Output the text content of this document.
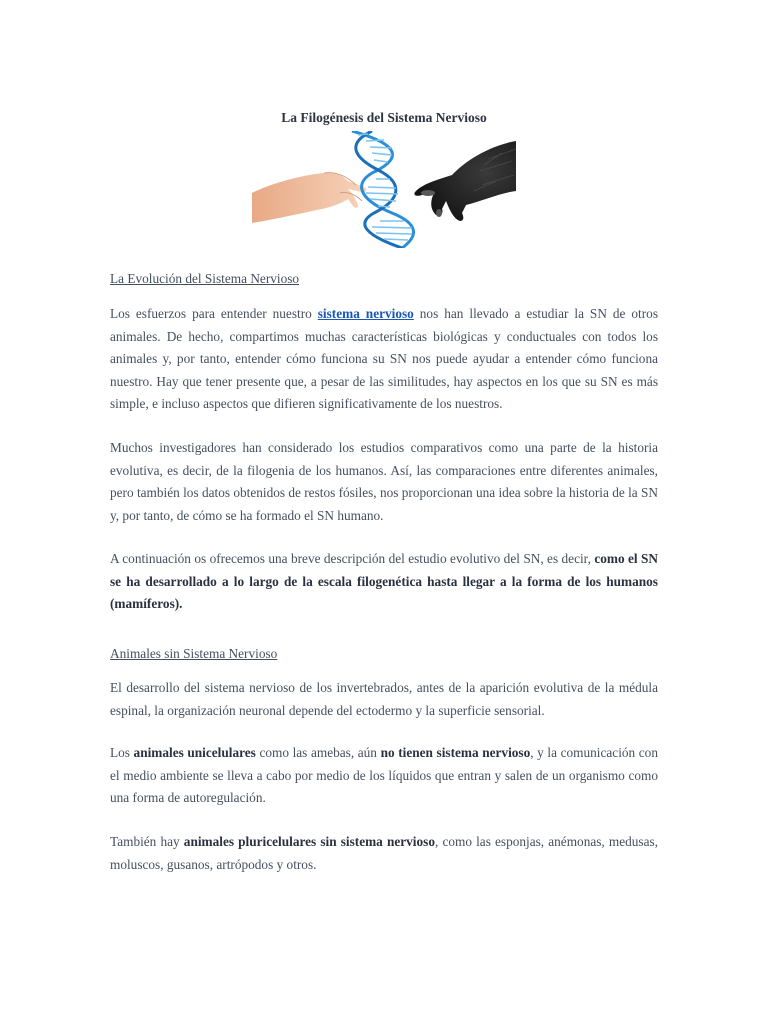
La Filogénesis del Sistema Nervioso
La Evolución del Sistema Nervioso
Los esfuerzos para entender nuestro sistema nervioso nos han llevado a estudiar la SN de otros animales. De hecho, compartimos muchas características biológicas y conductuales con todos los animales y, por tanto, entender cómo funciona su SN nos puede ayudar a entender cómo funciona nuestro. Hay que tener presente que, a pesar de las similitudes, hay aspectos en los que su SN es más simple, e incluso aspectos que difieren significativamente de los nuestros.
Muchos investigadores han considerado los estudios comparativos como una parte de la historia evolutiva, es decir, de la filogenia de los humanos. Así, las comparaciones entre diferentes animales, pero también los datos obtenidos de restos fósiles, nos proporcionan una idea sobre la historia de la SN y, por tanto, de cómo se ha formado el SN humano.
A continuación os ofrecemos una breve descripción del estudio evolutivo del SN, es decir, como el SN se ha desarrollado a lo largo de la escala filogenética hasta llegar a la forma de los humanos (mamíferos).
Animales sin Sistema Nervioso
El desarrollo del sistema nervioso de los invertebrados, antes de la aparición evolutiva de la médula espinal, la organización neuronal depende del ectodermo y la superficie sensorial.
Los animales unicelulares como las amebas, aún no tienen sistema nervioso, y la comunicación con el medio ambiente se lleva a cabo por medio de los líquidos que entran y salen de un organismo como una forma de autoregulación.
También hay animales pluricelulares sin sistema nervioso, como las esponjas, anémonas, medusas, moluscos, gusanos, artrópodos y otros.
